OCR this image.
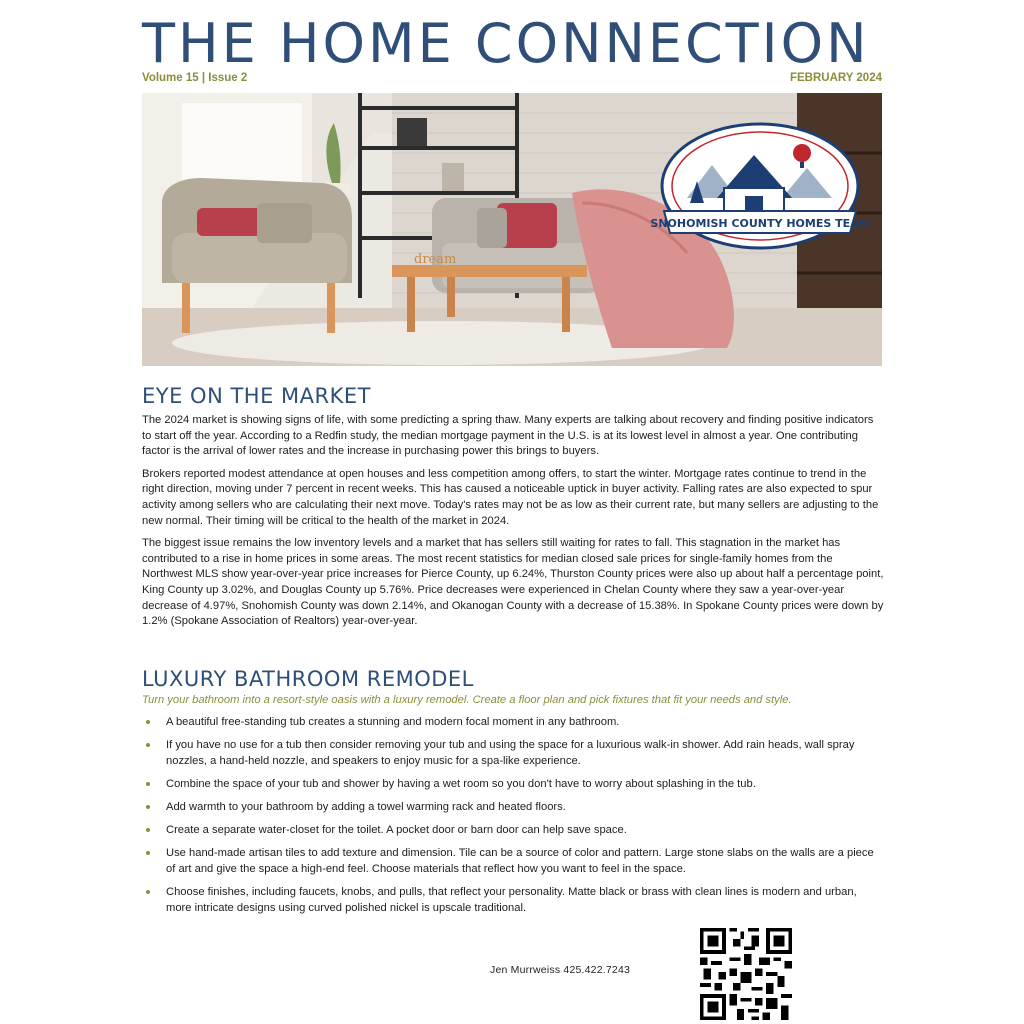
THE HOME CONNECTION
Volume 15 | Issue 2	FEBRUARY 2024
dream
SNOHOMISH COUNTY HOMES TEAM
EYE ON THE MARKET

The 2024 market is showing signs of life, with some predicting a spring thaw. Many experts are talking about recovery and finding positive indicators to start off the year. According to a Redfin study, the median mortgage payment in the U.S. is at its lowest level in almost a year. One contributing factor is the arrival of lower rates and the increase in purchasing power this brings to buyers.

Brokers reported modest attendance at open houses and less competition among offers, to start the winter. Mortgage rates continue to trend in the right direction, moving under 7 percent in recent weeks. This has caused a noticeable uptick in buyer activity. Falling rates are also expected to spur activity among sellers who are calculating their next move. Today's rates may not be as low as their current rate, but many sellers are adjusting to the new normal. Their timing will be critical to the health of the market in 2024.

The biggest issue remains the low inventory levels and a market that has sellers still waiting for rates to fall. This stagnation in the market has contributed to a rise in home prices in some areas. The most recent statistics for median closed sale prices for single-family homes from the Northwest MLS show year-over-year price increases for Pierce County, up 6.24%, Thurston County prices were also up about half a percentage point, King County up 3.02%, and Douglas County up 5.76%. Price decreases were experienced in Chelan County where they saw a year-over-year decrease of 4.97%, Snohomish County was down 2.14%, and Okanogan County with a decrease of 15.38%. In Spokane County prices were down by 1.2% (Spokane Association of Realtors) year-over-year.

LUXURY BATHROOM REMODEL
Turn your bathroom into a resort-style oasis with a luxury remodel. Create a floor plan and pick fixtures that fit your needs and style.
A beautiful free-standing tub creates a stunning and modern focal moment in any bathroom.
If you have no use for a tub then consider removing your tub and using the space for a luxurious walk-in shower. Add rain heads, wall spray nozzles, a hand-held nozzle, and speakers to enjoy music for a spa-like experience.
Combine the space of your tub and shower by having a wet room so you don't have to worry about splashing in the tub.
Add warmth to your bathroom by adding a towel warming rack and heated floors.
Create a separate water-closet for the toilet. A pocket door or barn door can help save space.
Use hand-made artisan tiles to add texture and dimension. Tile can be a source of color and pattern. Large stone slabs on the walls are a piece of art and give the space a high-end feel. Choose materials that reflect how you want to feel in the space.
Choose finishes, including faucets, knobs, and pulls, that reflect your personality. Matte black or brass with clean lines is modern and urban, more intricate designs using curved polished nickel is upscale traditional.
Jen Murrweiss 425.422.7243
